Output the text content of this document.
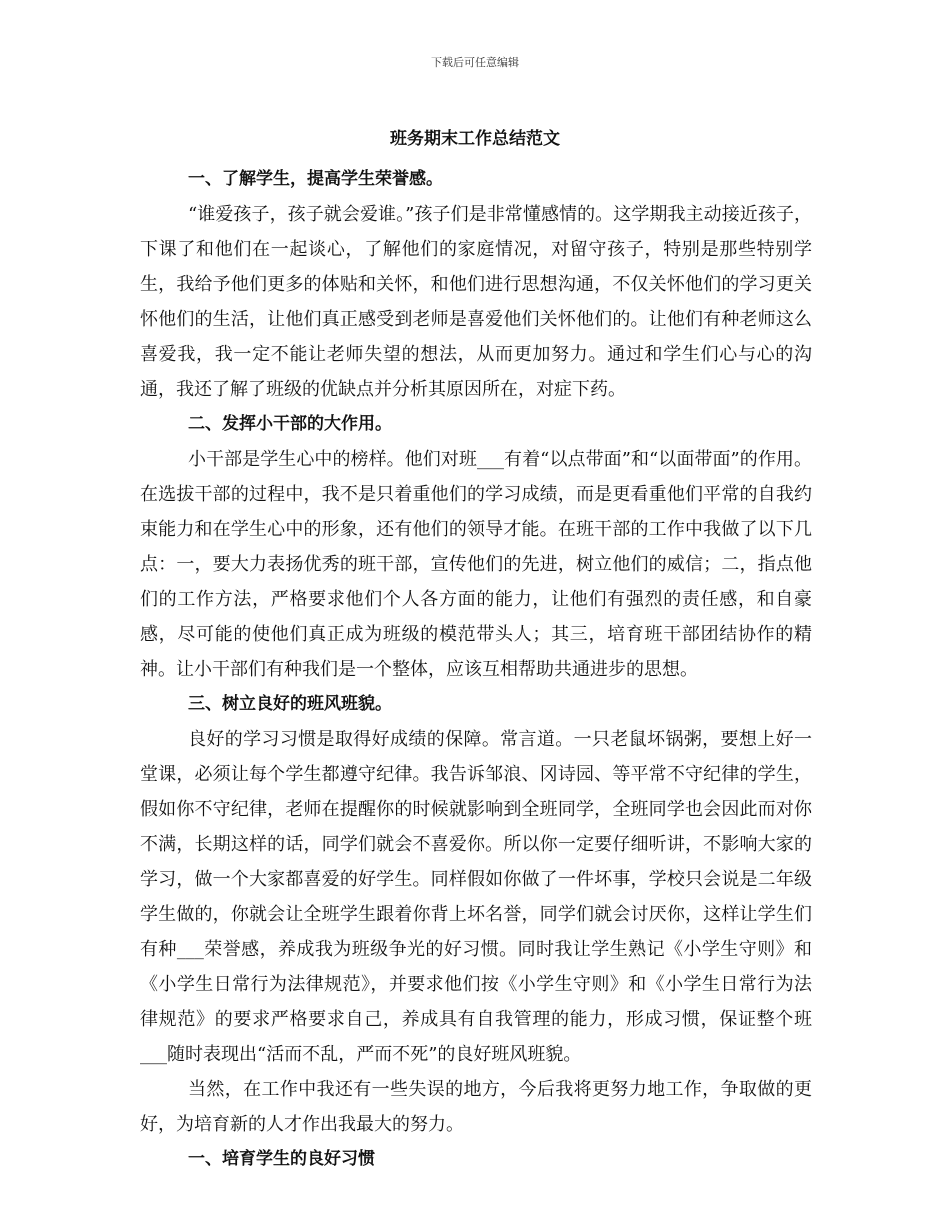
下载后可任意编辑
班务期末工作总结范文

一、了解学生，提高学生荣誉感。

“谁爱孩子，孩子就会爱谁。”孩子们是非常懂感情的。这学期我主动接近孩子，下课了和他们在一起谈心，了解他们的家庭情况，对留守孩子，特别是那些特别学生，我给予他们更多的体贴和关怀，和他们进行思想沟通，不仅关怀他们的学习更关怀他们的生活，让他们真正感受到老师是喜爱他们关怀他们的。让他们有种老师这么喜爱我，我一定不能让老师失望的想法，从而更加努力。通过和学生们心与心的沟通，我还了解了班级的优缺点并分析其原因所在，对症下药。

二、发挥小干部的大作用。

小干部是学生心中的榜样。他们对班___有着“以点带面”和“以面带面”的作用。在选拔干部的过程中，我不是只着重他们的学习成绩，而是更看重他们平常的自我约束能力和在学生心中的形象，还有他们的领导才能。在班干部的工作中我做了以下几点：一，要大力表扬优秀的班干部，宣传他们的先进，树立他们的威信；二，指点他们的工作方法，严格要求他们个人各方面的能力，让他们有强烈的责任感，和自豪感，尽可能的使他们真正成为班级的模范带头人；其三，培育班干部团结协作的精神。让小干部们有种我们是一个整体，应该互相帮助共通进步的思想。

三、树立良好的班风班貌。

良好的学习习惯是取得好成绩的保障。常言道。一只老鼠坏锅粥，要想上好一堂课，必须让每个学生都遵守纪律。我告诉邹浪、冈诗园、等平常不守纪律的学生，假如你不守纪律，老师在提醒你的时候就影响到全班同学，全班同学也会因此而对你不满，长期这样的话，同学们就会不喜爱你。所以你一定要仔细听讲，不影响大家的学习，做一个大家都喜爱的好学生。同样假如你做了一件坏事，学校只会说是二年级学生做的，你就会让全班学生跟着你背上坏名誉，同学们就会讨厌你，这样让学生们有种___荣誉感，养成我为班级争光的好习惯。同时我让学生熟记《小学生守则》和《小学生日常行为法律规范》，并要求他们按《小学生守则》和《小学生日常行为法律规范》的要求严格要求自己，养成具有自我管理的能力，形成习惯，保证整个班___随时表现出“活而不乱，严而不死”的良好班风班貌。

当然，在工作中我还有一些失误的地方，今后我将更努力地工作，争取做的更好，为培育新的人才作出我最大的努力。

一、培育学生的良好习惯
